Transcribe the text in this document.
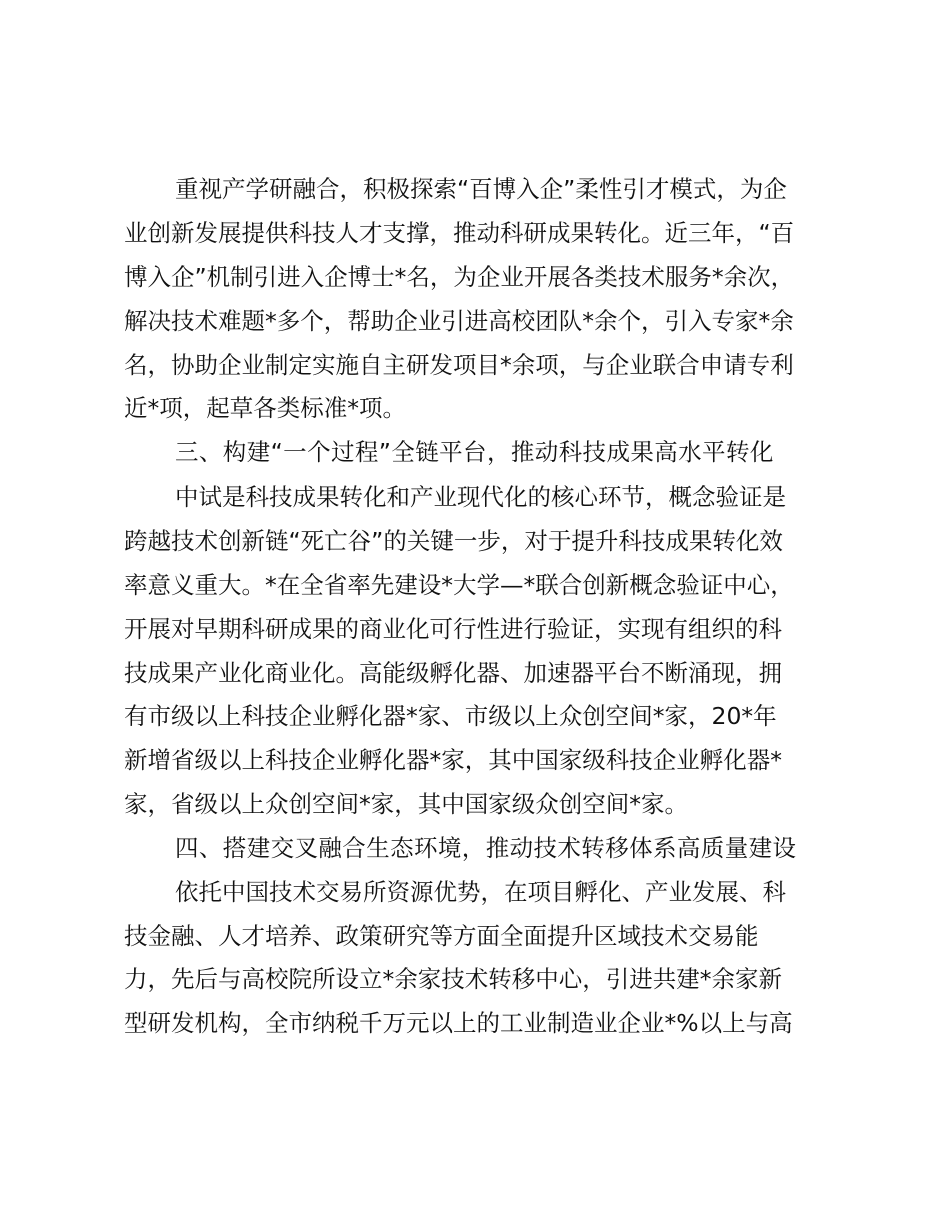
重视产学研融合，积极探索“百博入企”柔性引才模式，为企
业创新发展提供科技人才支撑，推动科研成果转化。近三年，“百
博入企”机制引进入企博士*名，为企业开展各类技术服务*余次，
解决技术难题*多个，帮助企业引进高校团队*余个，引入专家*余
名，协助企业制定实施自主研发项目*余项，与企业联合申请专利
近*项，起草各类标准*项。
三、构建“一个过程”全链平台，推动科技成果高水平转化
中试是科技成果转化和产业现代化的核心环节，概念验证是
跨越技术创新链“死亡谷”的关键一步，对于提升科技成果转化效
率意义重大。*在全省率先建设*大学—*联合创新概念验证中心，
开展对早期科研成果的商业化可行性进行验证，实现有组织的科
技成果产业化商业化。高能级孵化器、加速器平台不断涌现，拥
有市级以上科技企业孵化器*家、市级以上众创空间*家，20*年
新增省级以上科技企业孵化器*家，其中国家级科技企业孵化器*
家，省级以上众创空间*家，其中国家级众创空间*家。
四、搭建交叉融合生态环境，推动技术转移体系高质量建设
依托中国技术交易所资源优势，在项目孵化、产业发展、科
技金融、人才培养、政策研究等方面全面提升区域技术交易能
力，先后与高校院所设立*余家技术转移中心，引进共建*余家新
型研发机构，全市纳税千万元以上的工业制造业企业*%以上与高
